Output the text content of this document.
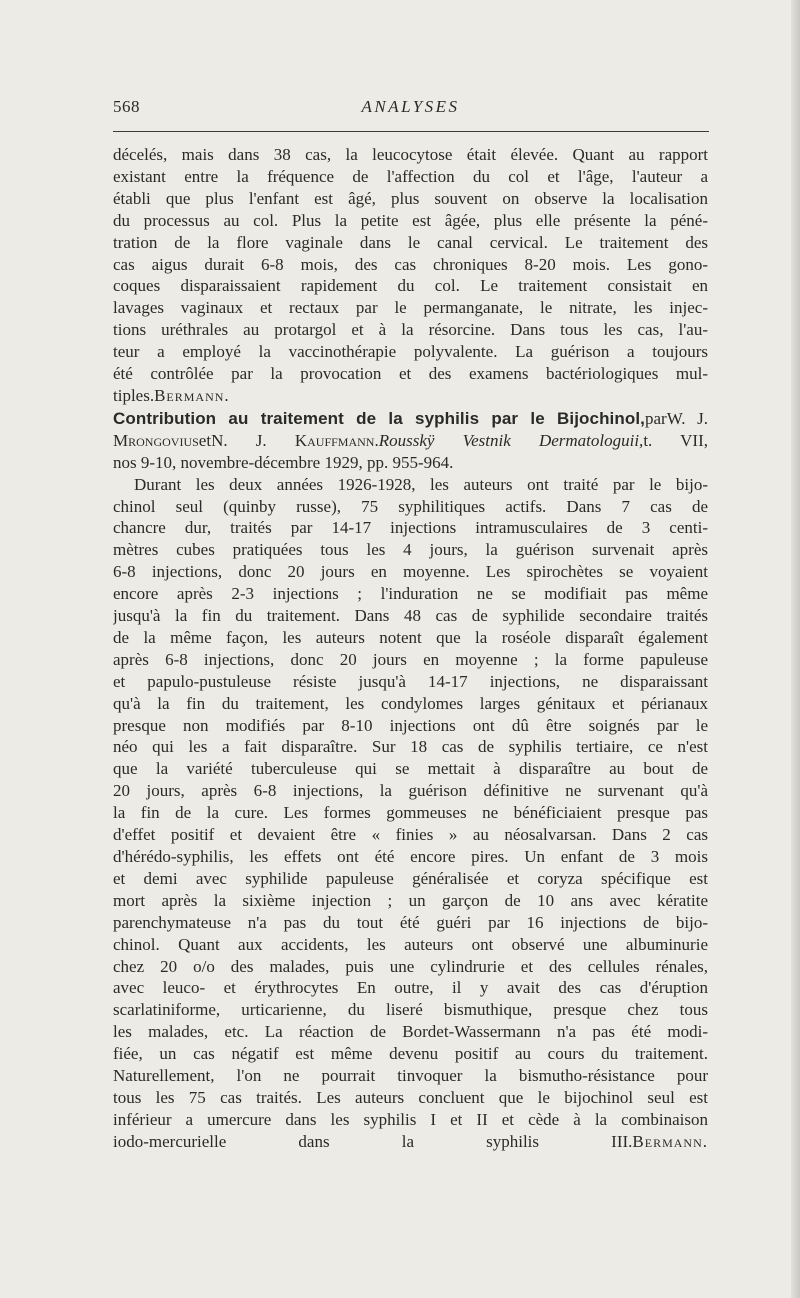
568	ANALYSES
décelés, mais dans 38 cas, la leucocytose était élevée. Quant au rapport
existant entre la fréquence de l'affection du col et l'âge, l'auteur a
établi que plus l'enfant est âgé, plus souvent on observe la localisation
du processus au col. Plus la petite est âgée, plus elle présente la péné-
tration de la flore vaginale dans le canal cervical. Le traitement des
cas aigus durait 6-8 mois, des cas chroniques 8-20 mois. Les gono-
coques disparaissaient rapidement du col. Le traitement consistait en
lavages vaginaux et rectaux par le permanganate, le nitrate, les injec-
tions uréthrales au protargol et à la résorcine. Dans tous les cas, l'au-
teur a employé la vaccinothérapie polyvalente. La guérison a toujours
été contrôlée par la provocation et des examens bactériologiques mul-
tiples.Bermann.
Contribution au traitement de la syphilis par le Bijochinol,parW. J.
MrongoviusetN. J. Kauffmann.Rousskÿ Vestnik Dermatologuii,t. VII,
nos 9-10, novembre-décembre 1929, pp. 955-964.
Durant les deux années 1926-1928, les auteurs ont traité par le bijo-
chinol seul (quinby russe), 75 syphilitiques actifs. Dans 7 cas de
chancre dur, traités par 14-17 injections intramusculaires de 3 centi-
mètres cubes pratiquées tous les 4 jours, la guérison survenait après
6-8 injections, donc 20 jours en moyenne. Les spirochètes se voyaient
encore après 2-3 injections ; l'induration ne se modifiait pas même
jusqu'à la fin du traitement. Dans 48 cas de syphilide secondaire traités
de la même façon, les auteurs notent que la roséole disparaît également
après 6-8 injections, donc 20 jours en moyenne ; la forme papuleuse
et papulo-pustuleuse résiste jusqu'à 14-17 injections, ne disparaissant
qu'à la fin du traitement, les condylomes larges génitaux et périanaux
presque non modifiés par 8-10 injections ont dû être soignés par le
néo qui les a fait disparaître. Sur 18 cas de syphilis tertiaire, ce n'est
que la variété tuberculeuse qui se mettait à disparaître au bout de
20 jours, après 6-8 injections, la guérison définitive ne survenant qu'à
la fin de la cure. Les formes gommeuses ne bénéficiaient presque pas
d'effet positif et devaient être « finies » au néosalvarsan. Dans 2 cas
d'hérédo-syphilis, les effets ont été encore pires. Un enfant de 3 mois
et demi avec syphilide papuleuse généralisée et coryza spécifique est
mort après la sixième injection ; un garçon de 10 ans avec kératite
parenchymateuse n'a pas du tout été guéri par 16 injections de bijo-
chinol. Quant aux accidents, les auteurs ont observé une albuminurie
chez 20 o/o des malades, puis une cylindrurie et des cellules rénales,
avec leuco- et érythrocytes En outre, il y avait des cas d'éruption
scarlatiniforme, urticarienne, du liseré bismuthique, presque chez tous
les malades, etc. La réaction de Bordet-Wassermann n'a pas été modi-
fiée, un cas négatif est même devenu positif au cours du traitement.
Naturellement, l'on ne pourrait tinvoquer la bismutho-résistance pour
tous les 75 cas traités. Les auteurs concluent que le bijochinol seul est
inférieur a umercure dans les syphilis I et II et cède à la combinaison
iodo-mercurielle dans la syphilis III.Bermann.
